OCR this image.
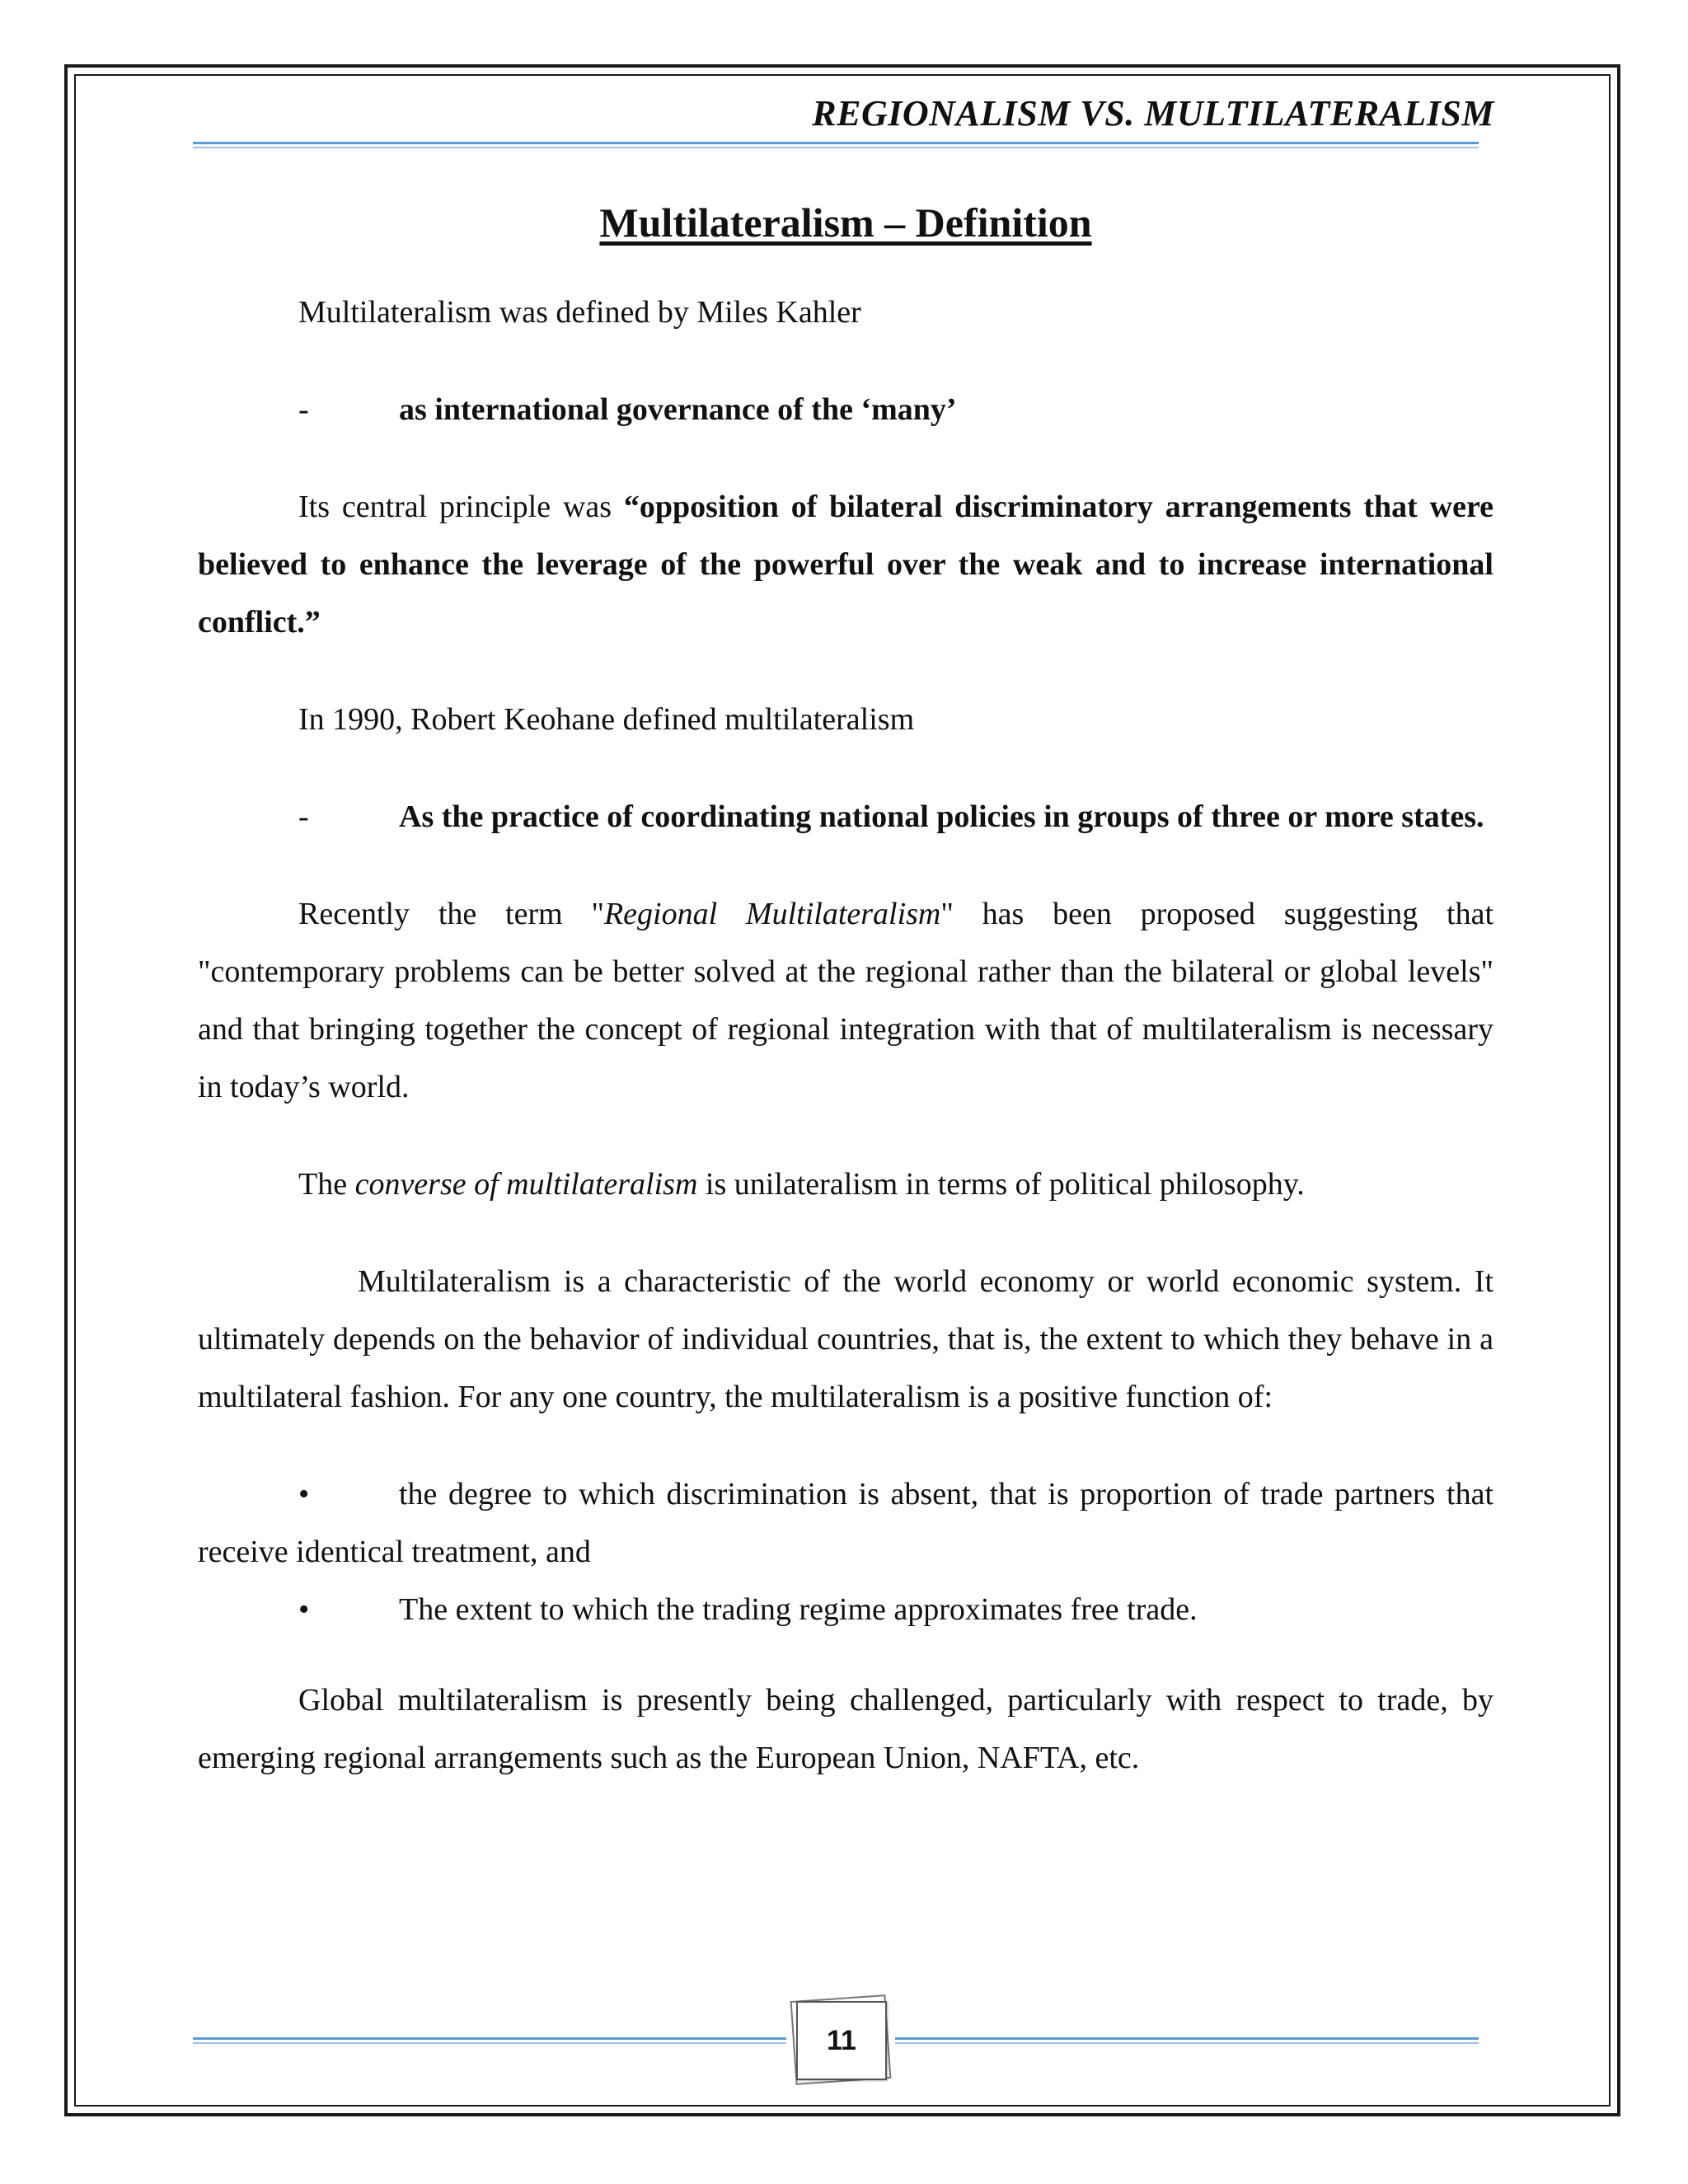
REGIONALISM VS. MULTILATERALISM
Multilateralism – Definition

Multilateralism was defined by Miles Kahler

-	as international governance of the ‘many’

Its central principle was “opposition of bilateral discriminatory arrangements that were believed to enhance the leverage of the powerful over the weak and to increase international conflict.”

In 1990, Robert Keohane defined multilateralism

-	As the practice of coordinating national policies in groups of three or more states.

Recently the term "Regional Multilateralism" has been proposed suggesting that "contemporary problems can be better solved at the regional rather than the bilateral or global levels" and that bringing together the concept of regional integration with that of multilateralism is necessary in today’s world.

The converse of multilateralism is unilateralism in terms of political philosophy.

Multilateralism is a characteristic of the world economy or world economic system. It ultimately depends on the behavior of individual countries, that is, the extent to which they behave in a multilateral fashion. For any one country, the multilateralism is a positive function of:

•	the degree to which discrimination is absent, that is proportion of trade partners that receive identical treatment, and

•	The extent to which the trading regime approximates free trade.

Global multilateralism is presently being challenged, particularly with respect to trade, by emerging regional arrangements such as the European Union, NAFTA, etc.

11
